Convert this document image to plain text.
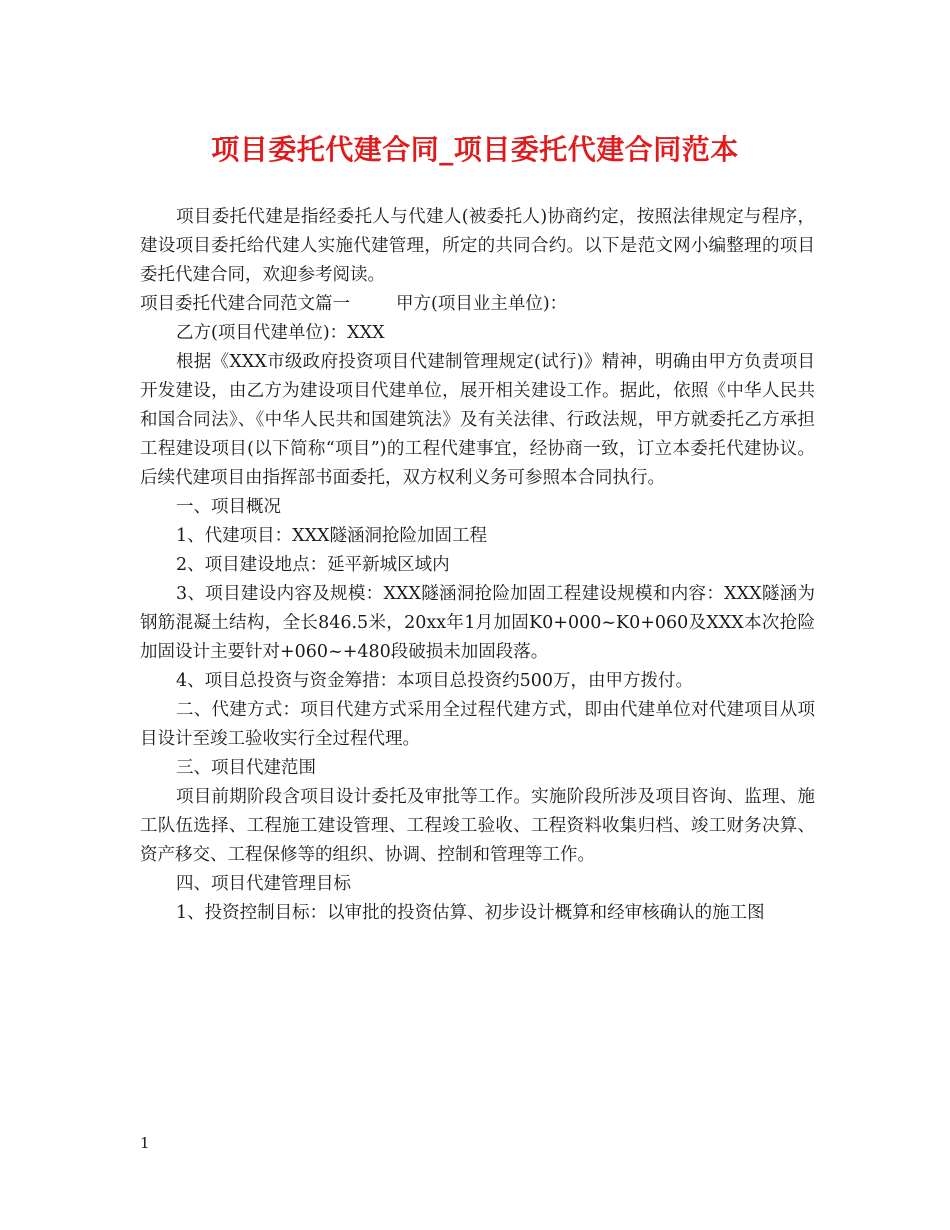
项目委托代建合同_项目委托代建合同范本

项目委托代建是指经委托人与代建人(被委托人)协商约定，按照法律规定与程序，建设项目委托给代建人实施代建管理，所定的共同合约。以下是范文网小编整理的项目委托代建合同，欢迎参考阅读。

项目委托代建合同范文篇一	甲方(项目业主单位)：

乙方(项目代建单位)：XXX

根据《XXX市级政府投资项目代建制管理规定(试行)》精神，明确由甲方负责项目开发建设，由乙方为建设项目代建单位，展开相关建设工作。据此，依照《中华人民共和国合同法》、《中华人民共和国建筑法》及有关法律、行政法规，甲方就委托乙方承担工程建设项目(以下简称“项目”)的工程代建事宜，经协商一致，订立本委托代建协议。后续代建项目由指挥部书面委托，双方权利义务可参照本合同执行。

一、项目概况

1、代建项目：XXX隧涵洞抢险加固工程

2、项目建设地点：延平新城区域内

3、项目建设内容及规模：XXX隧涵洞抢险加固工程建设规模和内容：XXX隧涵为钢筋混凝土结构，全长846.5米，20xx年1月加固K0+000~K0+060及XXX本次抢险加固设计主要针对+060~+480段破损未加固段落。

4、项目总投资与资金筹措：本项目总投资约500万，由甲方拨付。

二、代建方式：项目代建方式采用全过程代建方式，即由代建单位对代建项目从项目设计至竣工验收实行全过程代理。

三、项目代建范围

项目前期阶段含项目设计委托及审批等工作。实施阶段所涉及项目咨询、监理、施工队伍选择、工程施工建设管理、工程竣工验收、工程资料收集归档、竣工财务决算、资产移交、工程保修等的组织、协调、控制和管理等工作。

四、项目代建管理目标

1、投资控制目标：以审批的投资估算、初步设计概算和经审核确认的施工图

1
